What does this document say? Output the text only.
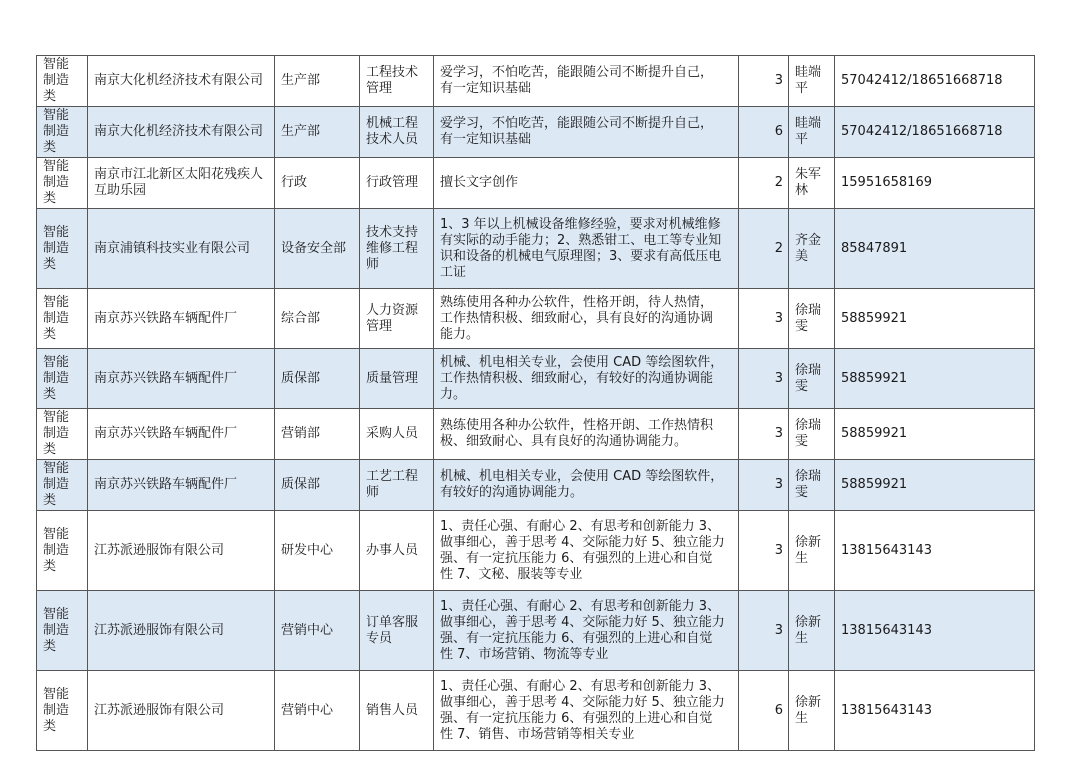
智能制造类	南京大化机经济技术有限公司	生产部	工程技术管理	爱学习，不怕吃苦，能跟随公司不断提升自己，
有一定知识基础	3	眭端平	57042412/18651668718
智能制造类	南京大化机经济技术有限公司	生产部	机械工程技术人员	爱学习，不怕吃苦，能跟随公司不断提升自己，
有一定知识基础	6	眭端平	57042412/18651668718
智能制造类	南京市江北新区太阳花残疾人互助乐园	行政	行政管理	擅长文字创作	2	朱军林	15951658169
智能制造类	南京浦镇科技实业有限公司	设备安全部	技术支持维修工程师	1、3 年以上机械设备维修经验，要求对机械维修有实际的动手能力；2、熟悉钳工、电工等专业知识和设备的机械电气原理图；3、要求有高低压电工证	2	齐金美	85847891
智能制造类	南京苏兴铁路车辆配件厂	综合部	人力资源管理	熟练使用各种办公软件，性格开朗，待人热情，
工作热情积极、细致耐心，具有良好的沟通协调
能力。	3	徐瑞雯	58859921
智能制造类	南京苏兴铁路车辆配件厂	质保部	质量管理	机械、机电相关专业，会使用 CAD 等绘图软件，
工作热情积极、细致耐心，有较好的沟通协调能
力。	3	徐瑞雯	58859921
智能制造类	南京苏兴铁路车辆配件厂	营销部	采购人员	熟练使用各种办公软件，性格开朗、工作热情积
极、细致耐心、具有良好的沟通协调能力。	3	徐瑞雯	58859921
智能制造类	南京苏兴铁路车辆配件厂	质保部	工艺工程师	机械、机电相关专业，会使用 CAD 等绘图软件，
有较好的沟通协调能力。	3	徐瑞雯	58859921
智能制造类	江苏派逊服饰有限公司	研发中心	办事人员	1、责任心强、有耐心 2、有思考和创新能力 3、
做事细心，善于思考 4、交际能力好 5、独立能力
强、有一定抗压能力 6、有强烈的上进心和自觉
性 7、文秘、服装等专业	3	徐新生	13815643143
智能制造类	江苏派逊服饰有限公司	营销中心	订单客服专员	1、责任心强、有耐心 2、有思考和创新能力 3、
做事细心，善于思考 4、交际能力好 5、独立能力
强、有一定抗压能力 6、有强烈的上进心和自觉
性 7、市场营销、物流等专业	3	徐新生	13815643143
智能制造类	江苏派逊服饰有限公司	营销中心	销售人员	1、责任心强、有耐心 2、有思考和创新能力 3、
做事细心，善于思考 4、交际能力好 5、独立能力
强、有一定抗压能力 6、有强烈的上进心和自觉
性 7、销售、市场营销等相关专业	6	徐新生	13815643143
